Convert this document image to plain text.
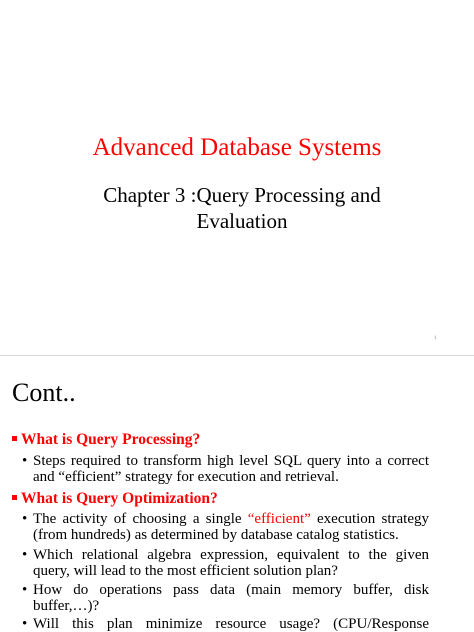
Advanced Database Systems
Chapter 3 :Query Processing and
Evaluation
1
Cont..
What is Query Processing?
• Steps required to transform high level SQL query into a correct
and “efficient” strategy for execution and retrieval.
What is Query Optimization?
• The activity of choosing a single “efficient” execution strategy
(from hundreds) as determined by database catalog statistics.
• Which relational algebra expression, equivalent to the given
query, will lead to the most efficient solution plan?
• How do operations pass data (main memory buffer, disk
buffer,…)?
• Will this plan minimize resource usage? (CPU/Response
